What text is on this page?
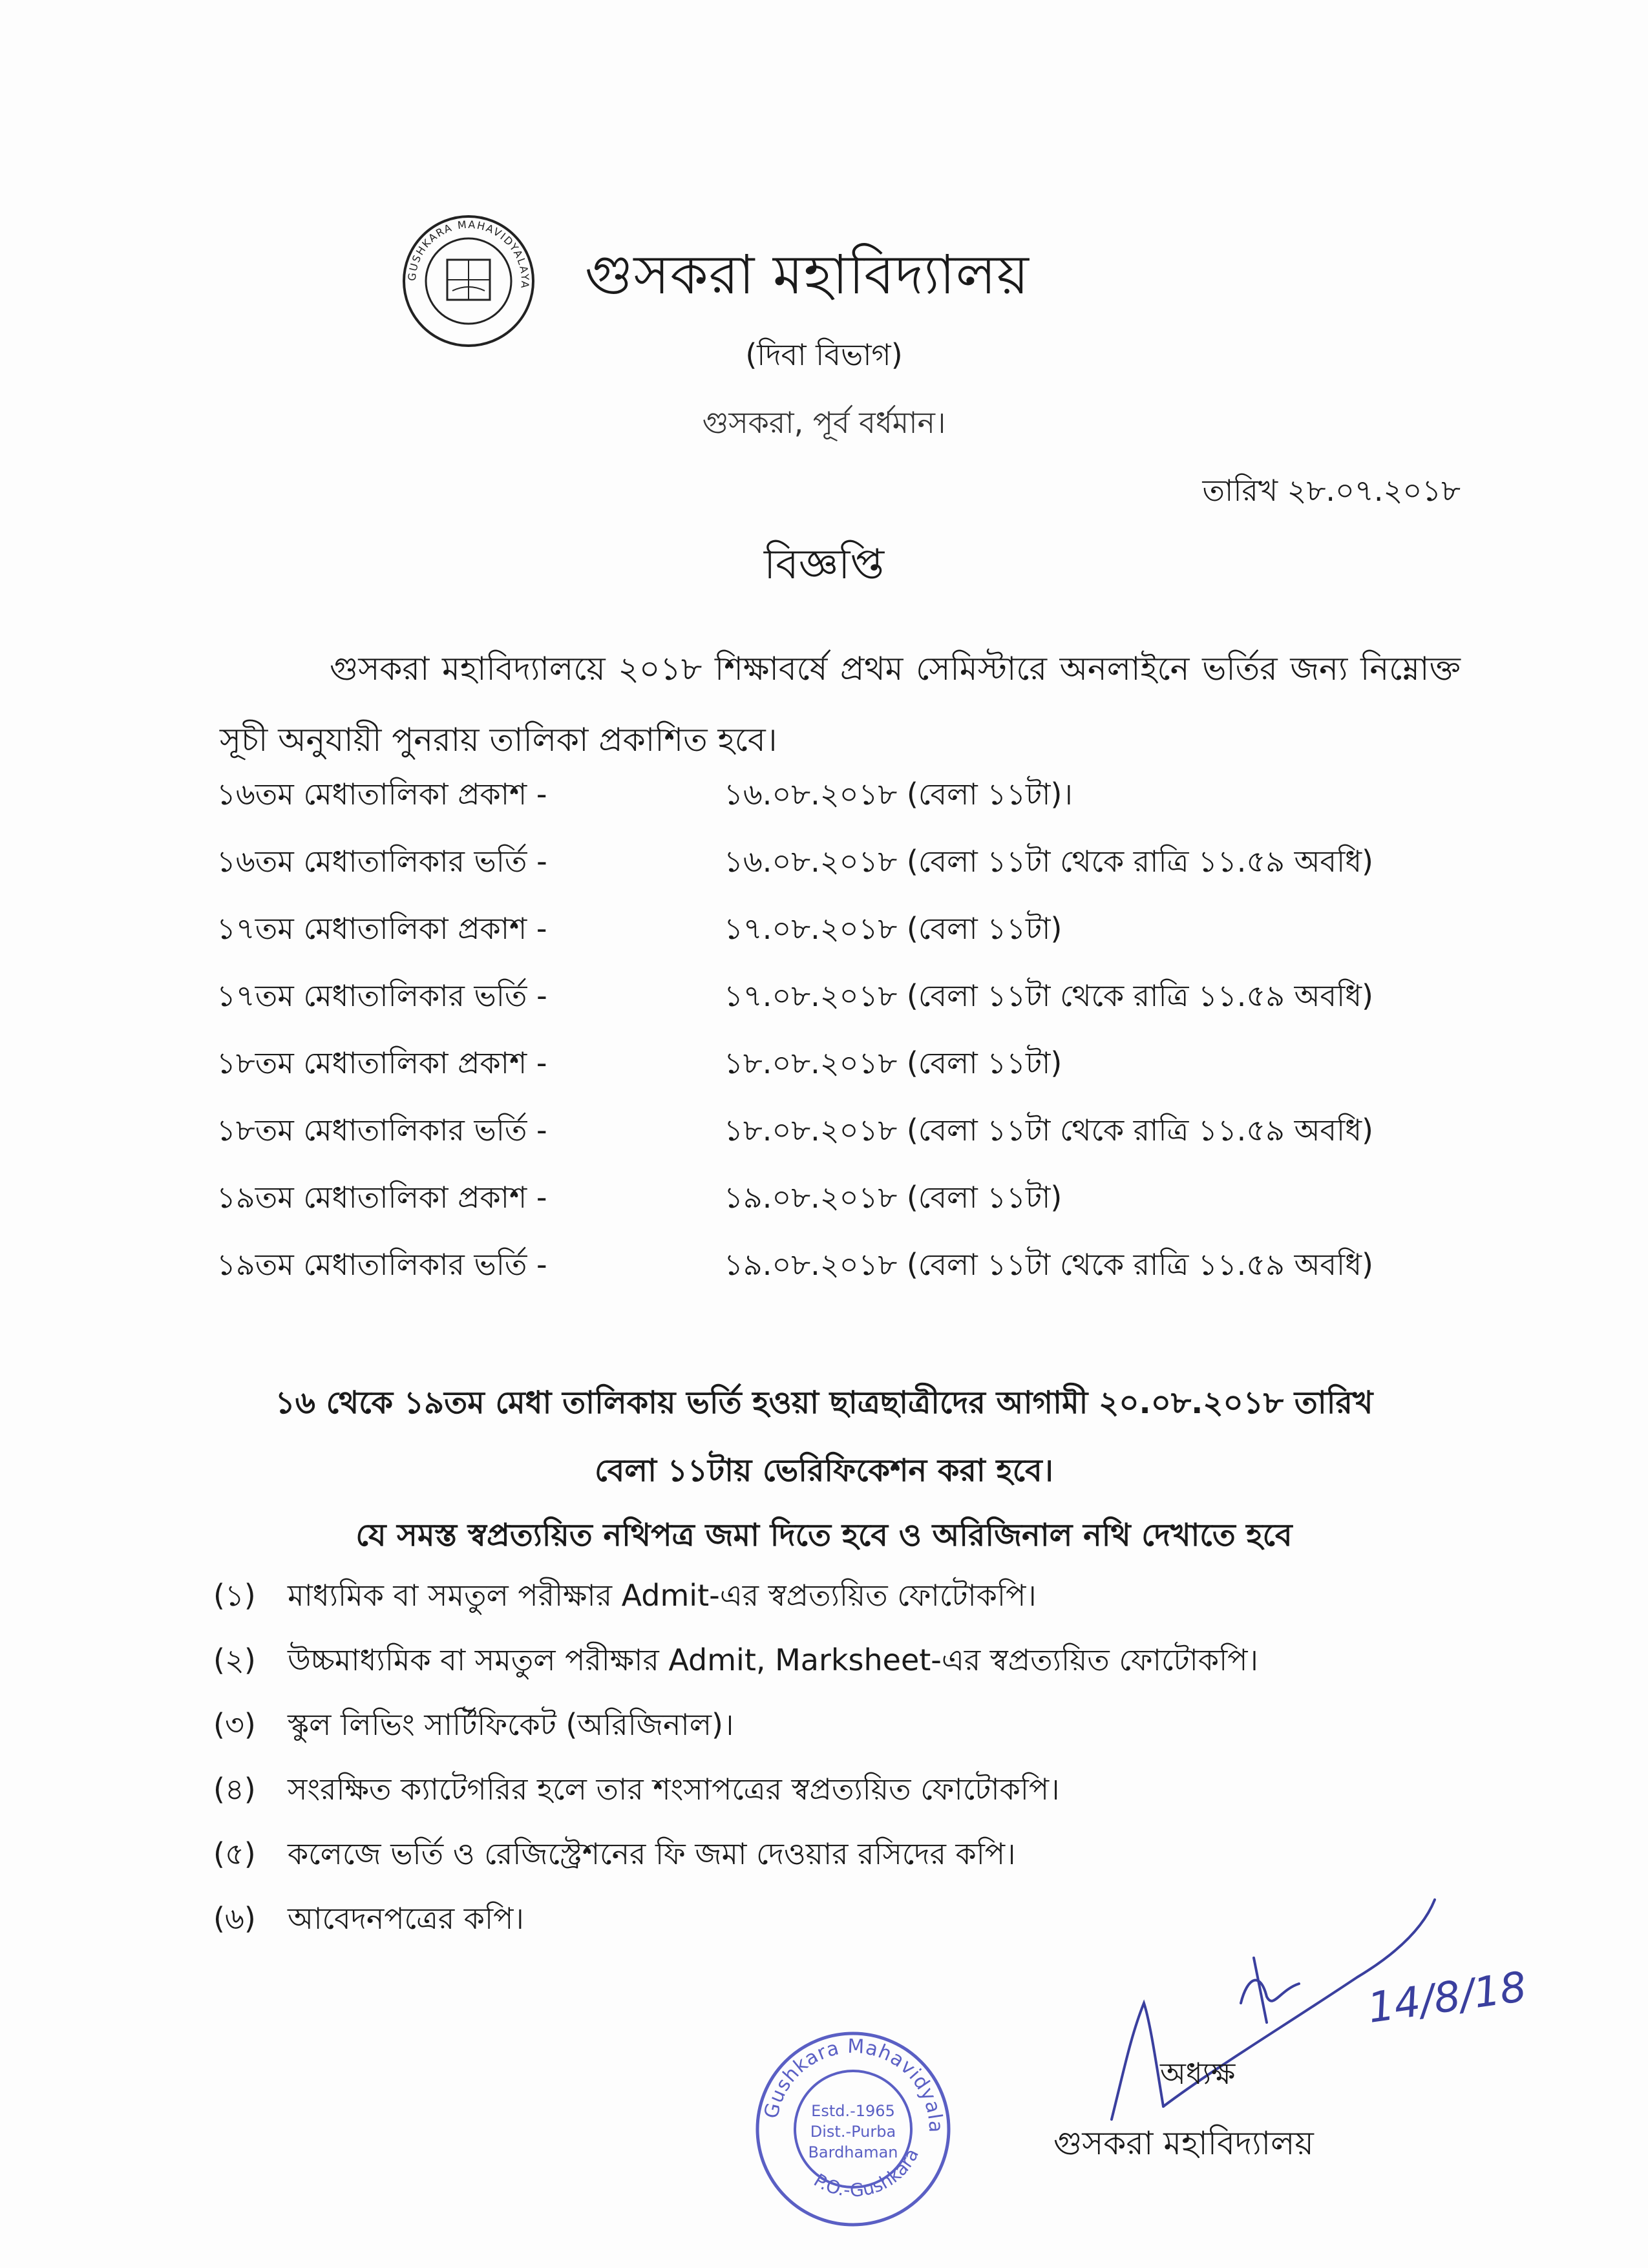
GUSHKARA MAHAVIDYALAYA গুসকরা মহাবিদ্যালয়
(দিবা বিভাগ)
গুসকরা, পূর্ব বর্ধমান।
তারিখ ২৮.০৭.২০১৮
বিজ্ঞপ্তি
গুসকরা মহাবিদ্যালয়ে ২০১৮ শিক্ষাবর্ষে প্রথম সেমিস্টারে অনলাইনে ভর্তির জন্য নিম্নোক্ত সূচী অনুযায়ী পুনরায় তালিকা প্রকাশিত হবে।
১৬তম মেধাতালিকা প্রকাশ -	১৬.০৮.২০১৮ (বেলা ১১টা)।
১৬তম মেধাতালিকার ভর্তি -	১৬.০৮.২০১৮ (বেলা ১১টা থেকে রাত্রি ১১.৫৯ অবধি)
১৭তম মেধাতালিকা প্রকাশ -	১৭.০৮.২০১৮ (বেলা ১১টা)
১৭তম মেধাতালিকার ভর্তি -	১৭.০৮.২০১৮ (বেলা ১১টা থেকে রাত্রি ১১.৫৯ অবধি)
১৮তম মেধাতালিকা প্রকাশ -	১৮.০৮.২০১৮ (বেলা ১১টা)
১৮তম মেধাতালিকার ভর্তি -	১৮.০৮.২০১৮ (বেলা ১১টা থেকে রাত্রি ১১.৫৯ অবধি)
১৯তম মেধাতালিকা প্রকাশ -	১৯.০৮.২০১৮ (বেলা ১১টা)
১৯তম মেধাতালিকার ভর্তি -	১৯.০৮.২০১৮ (বেলা ১১টা থেকে রাত্রি ১১.৫৯ অবধি)
১৬ থেকে ১৯তম মেধা তালিকায় ভর্তি হওয়া ছাত্রছাত্রীদের আগামী ২০.০৮.২০১৮ তারিখ
বেলা ১১টায় ভেরিফিকেশন করা হবে।
যে সমস্ত স্বপ্রত্যয়িত নথিপত্র জমা দিতে হবে ও অরিজিনাল নথি দেখাতে হবে
(১)	মাধ্যমিক বা সমতুল পরীক্ষার Admit-এর স্বপ্রত্যয়িত ফোটোকপি।
(২)	উচ্চমাধ্যমিক বা সমতুল পরীক্ষার Admit, Marksheet-এর স্বপ্রত্যয়িত ফোটোকপি।
(৩)	স্কুল লিভিং সার্টিফিকেট (অরিজিনাল)।
(৪)	সংরক্ষিত ক্যাটেগরির হলে তার শংসাপত্রের স্বপ্রত্যয়িত ফোটোকপি।
(৫)	কলেজে ভর্তি ও রেজিস্ট্রেশনের ফি জমা দেওয়ার রসিদের কপি।
(৬)	আবেদনপত্রের কপি।
Gushkara Mahavidyalaya
P.O.-Gushkara
Estd.-1965
Dist.-Purba
Bardhaman
14/8/18
অধ্যক্ষ
গুসকরা মহাবিদ্যালয়
